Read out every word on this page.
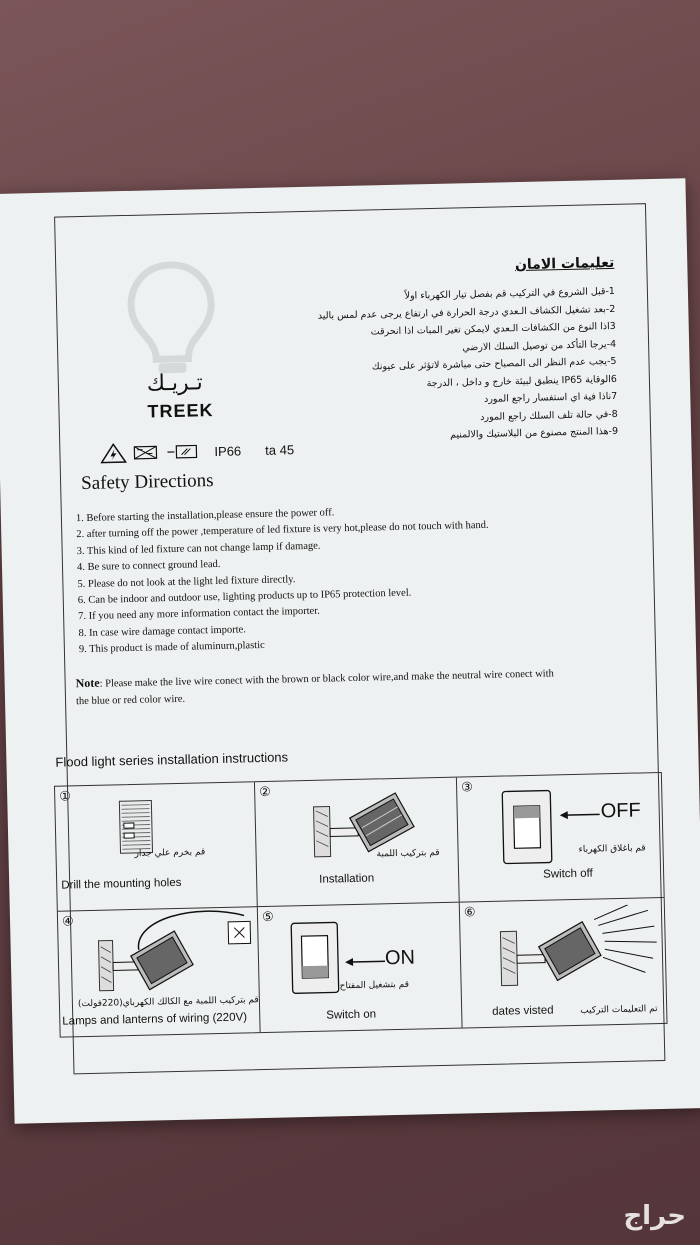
تـريـك
TREEK
IP66 ta 45
تعليمات الامان
1-قبل الشروع في التركيب قم بفصل تيار الكهرباء اولاً
2-بعد تشغيل الكشاف الـعدي درجة الحرارة في ارتفاع يرجى عدم لمس باليد
3اذا النوع من الكشافات الـعدي لايمكن تغير المبات اذا انحرقت
4-يرجا التأكد من توصيل السلك الارضي
5-يجب عدم النظر الى المصباح حتى مباشرة لاتؤثر على عيونك
6الوقاية IP65 ينطبق لبيئة خارج و داخل ، الدرجة
7ناذا فية اي استفسار راجع المورد
8-في حالة تلف السلك راجع المورد
9-هذا المنتج مصنوع من البلاستيك والالمنيم
Safety Directions
1. Before starting the installation,please ensure the power off.
2. after turning off the power ,temperature of led fixture is very hot,please do not touch with hand.
3. This kind of led fixture can not change lamp if damage.
4. Be sure to connect ground lead.
5. Please do not look at the light led fixture directly.
6. Can be indoor and outdoor use, lighting products up to IP65 protection level.
7. If you need any more information contact the importer.
8. In case wire damage contact importe.
9. This product is made of aluminurn,plastic
Note: Please make the live wire conect with the brown or black color wire,and make the neutral wire conect with the blue or red color wire.
Flood light series installation instructions
①
قم بخرم علي جدار
Drill the mounting holes
②
قم بتركيب اللمبة
Installation
③
OFF
قم باغلاق الكهرباء
Switch off
④
قم بتركيب اللمبة مع الكالك الكهرباي(220فولت)
Lamps and lanterns of wiring (220V)
⑤
ON
قم بتشغيل المفتاح
Switch on
⑥
dates visted	تم التعليمات التركيب
حراج
